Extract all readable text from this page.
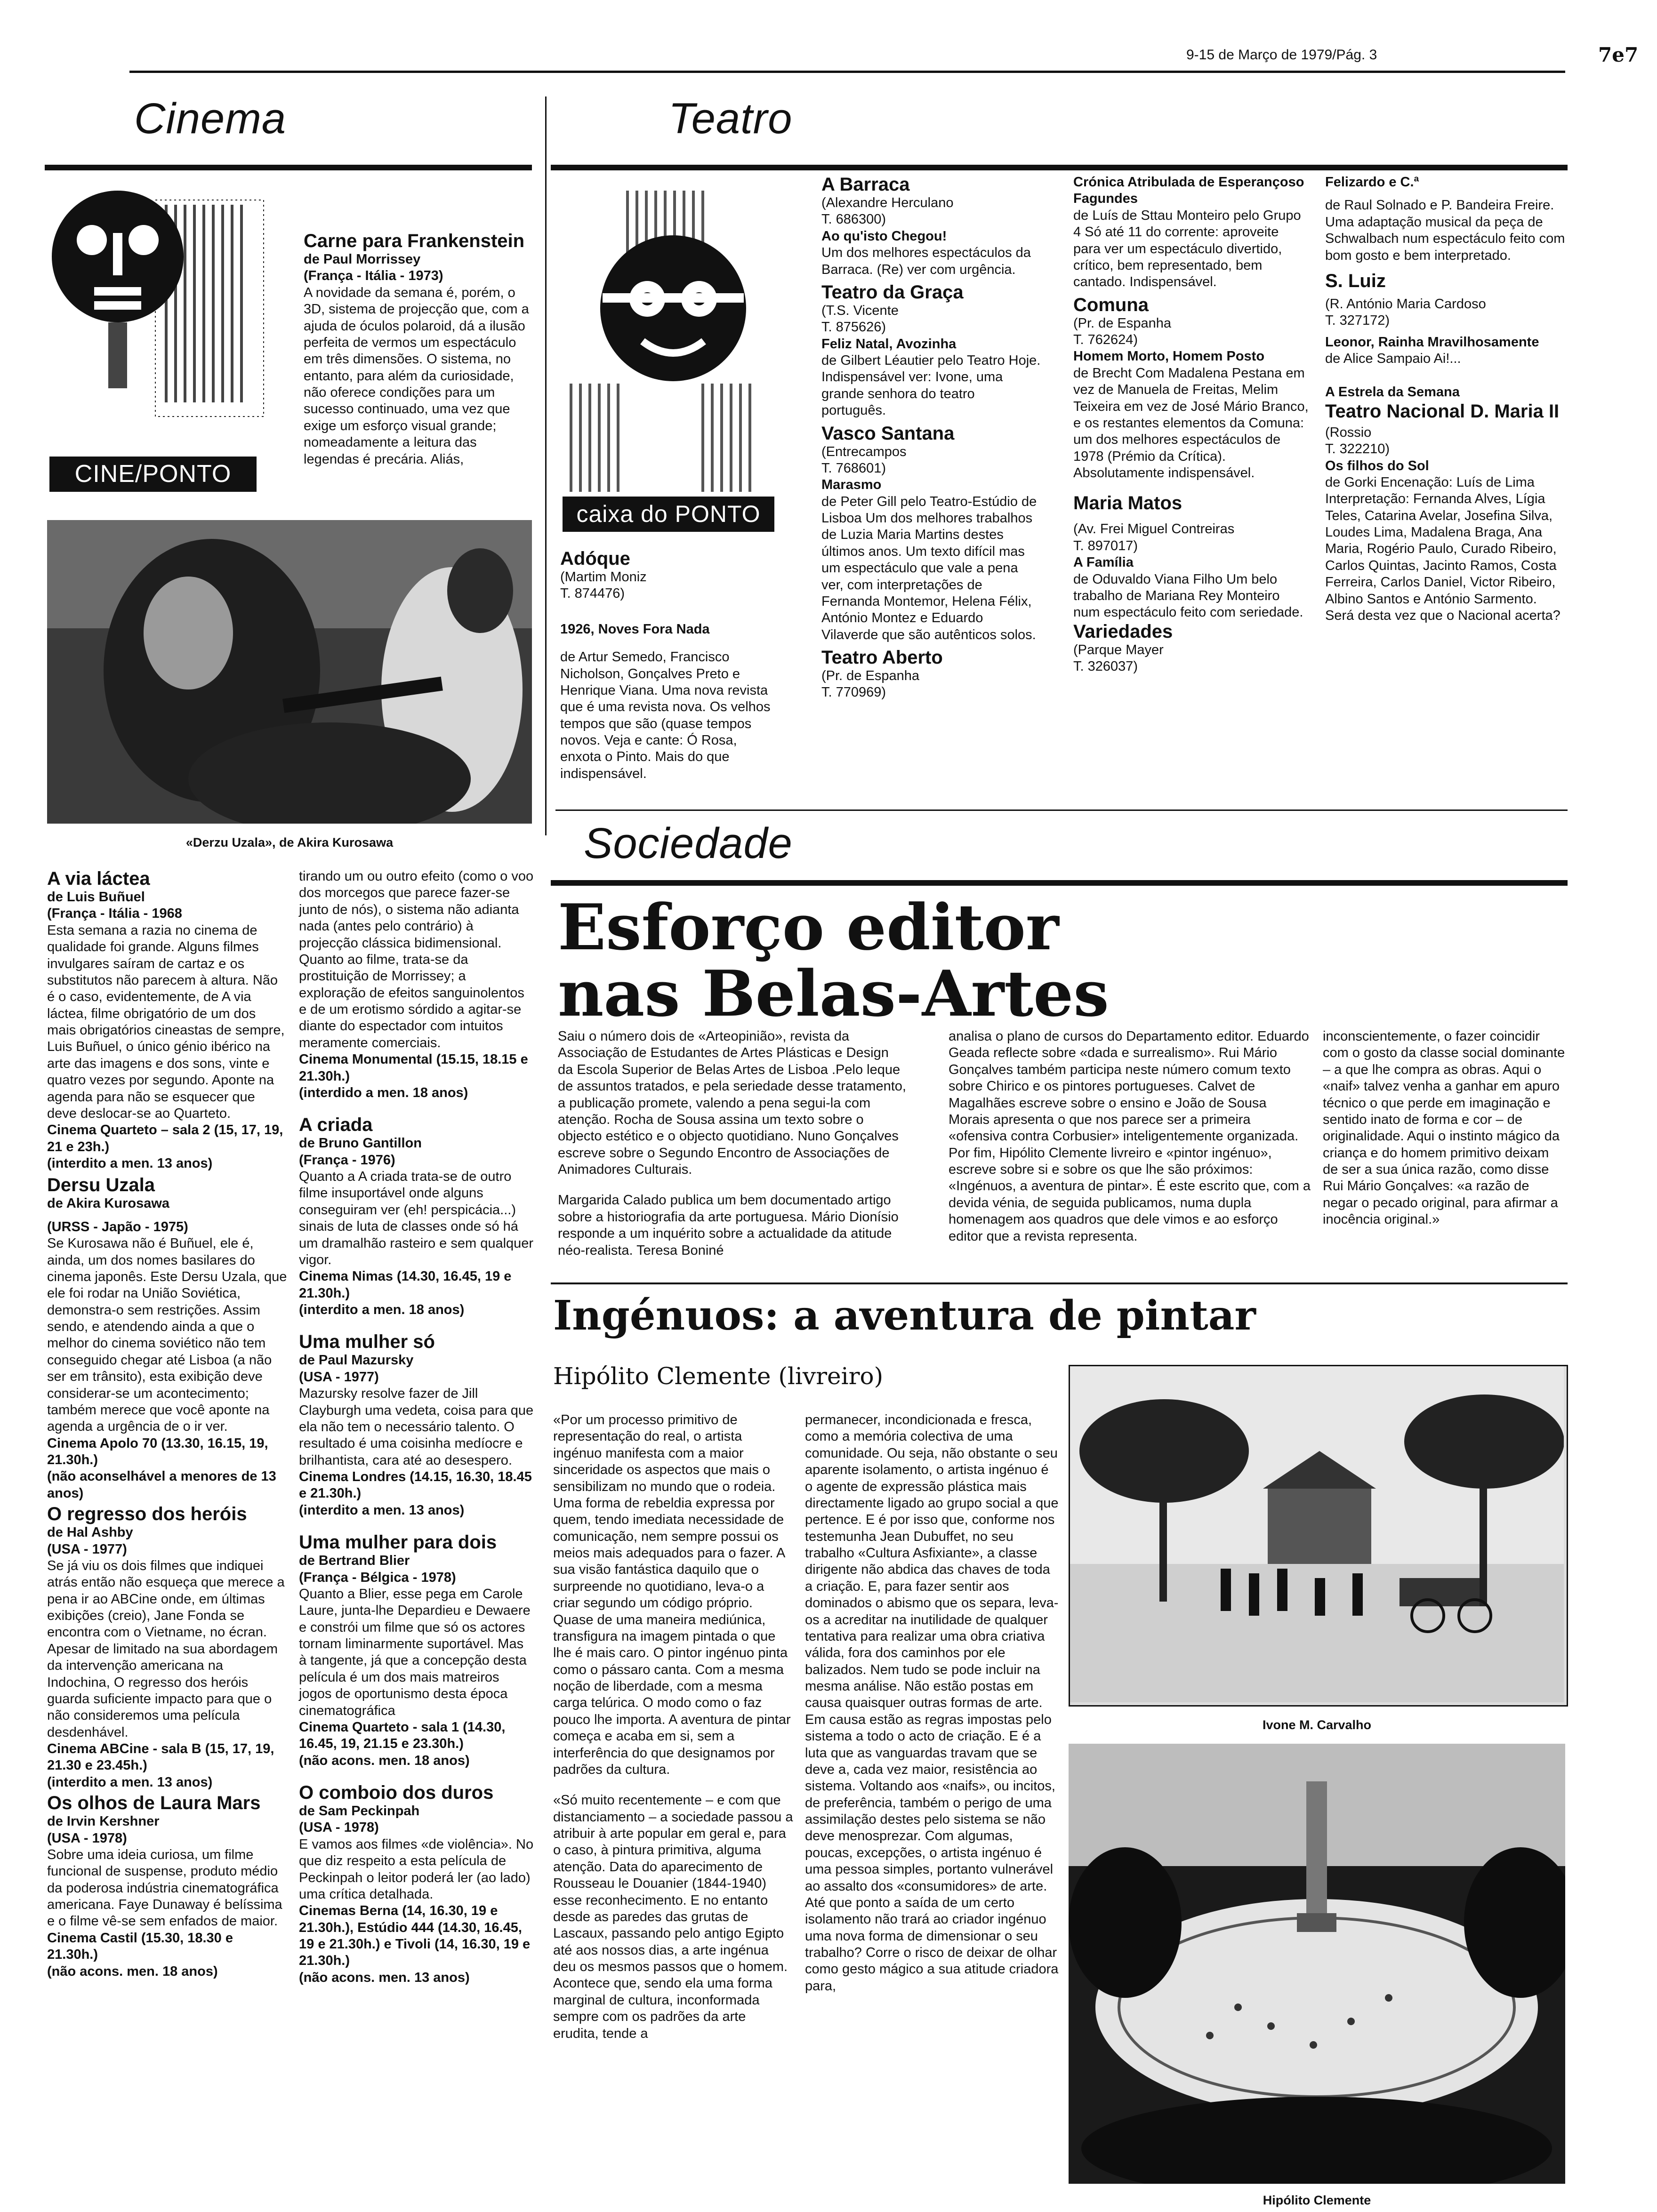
9-15 de Março de 1979/Pág. 3	7e7
Cinema	Teatro
CINE/PONTO
Carne para Frankenstein
de Paul Morrissey
(França - Itália - 1973)
A novidade da semana é, porém, o 3D, sistema de projecção que, com a ajuda de óculos polaroid, dá a ilusão perfeita de vermos um espectáculo em três dimensões. O sistema, no entanto, para além da curiosidade, não oferece condições para um sucesso continuado, uma vez que exige um esforço visual grande; nomeadamente a leitura das legendas é precária. Aliás,
«Derzu Uzala», de Akira Kurosawa
A via láctea
de Luis Buñuel
(França - Itália - 1968
Esta semana a razia no cinema de qualidade foi grande. Alguns filmes invulgares saíram de cartaz e os substitutos não parecem à altura. Não é o caso, evidentemente, de A via láctea, filme obrigatório de um dos mais obrigatórios cineastas de sempre, Luis Buñuel, o único génio ibérico na arte das imagens e dos sons, vinte e quatro vezes por segundo. Aponte na agenda para não se esquecer que deve deslocar-se ao Quarteto.
Cinema Quarteto – sala 2 (15, 17, 19, 21 e 23h.)
(interdito a men. 13 anos)
Dersu Uzala
de Akira Kurosawa
(URSS - Japão - 1975)
Se Kurosawa não é Buñuel, ele é, ainda, um dos nomes basilares do cinema japonês. Este Dersu Uzala, que ele foi rodar na União Soviética, demonstra-o sem restrições. Assim sendo, e atendendo ainda a que o melhor do cinema soviético não tem conseguido chegar até Lisboa (a não ser em trânsito), esta exibição deve considerar-se um acontecimento; também merece que você aponte na agenda a urgência de o ir ver.
Cinema Apolo 70 (13.30, 16.15, 19, 21.30h.)
(não aconselhável a menores de 13 anos)
O regresso dos heróis
de Hal Ashby
(USA - 1977)
Se já viu os dois filmes que indiquei atrás então não esqueça que merece a pena ir ao ABCine onde, em últimas exibições (creio), Jane Fonda se encontra com o Vietname, no écran. Apesar de limitado na sua abordagem da intervenção americana na Indochina, O regresso dos heróis guarda suficiente impacto para que o não consideremos uma película desdenhável.
Cinema ABCine - sala B (15, 17, 19, 21.30 e 23.45h.)
(interdito a men. 13 anos)
Os olhos de Laura Mars
de Irvin Kershner
(USA - 1978)
Sobre uma ideia curiosa, um filme funcional de suspense, produto médio da poderosa indústria cinematográfica americana. Faye Dunaway é belíssima e o filme vê-se sem enfados de maior.
Cinema Castil (15.30, 18.30 e 21.30h.)
(não acons. men. 18 anos)
tirando um ou outro efeito (como o voo dos morcegos que parece fazer-se junto de nós), o sistema não adianta nada (antes pelo contrário) à projecção clássica bidimensional. Quanto ao filme, trata-se da prostituição de Morrissey; a exploração de efeitos sanguinolentos e de um erotismo sórdido a agitar-se diante do espectador com intuitos meramente comerciais.
Cinema Monumental (15.15, 18.15 e 21.30h.)
(interdido a men. 18 anos)
A criada
de Bruno Gantillon
(França - 1976)
Quanto a A criada trata-se de outro filme insuportável onde alguns conseguiram ver (eh! perspicácia...) sinais de luta de classes onde só há um dramalhão rasteiro e sem qualquer vigor.
Cinema Nimas (14.30, 16.45, 19 e 21.30h.)
(interdito a men. 18 anos)
Uma mulher só
de Paul Mazursky
(USA - 1977)
Mazursky resolve fazer de Jill Clayburgh uma vedeta, coisa para que ela não tem o necessário talento. O resultado é uma coisinha medíocre e brilhantista, cara até ao desespero.
Cinema Londres (14.15, 16.30, 18.45 e 21.30h.)
(interdito a men. 13 anos)
Uma mulher para dois
de Bertrand Blier
(França - Bélgica - 1978)
Quanto a Blier, esse pega em Carole Laure, junta-lhe Depardieu e Dewaere e constrói um filme que só os actores tornam liminarmente suportável. Mas à tangente, já que a concepção desta película é um dos mais matreiros jogos de oportunismo desta época cinematográfica
Cinema Quarteto - sala 1 (14.30, 16.45, 19, 21.15 e 23.30h.)
(não acons. men. 18 anos)
O comboio dos duros
de Sam Peckinpah
(USA - 1978)
E vamos aos filmes «de violência». No que diz respeito a esta película de Peckinpah o leitor poderá ler (ao lado) uma crítica detalhada.
Cinemas Berna (14, 16.30, 19 e 21.30h.), Estúdio 444 (14.30, 16.45, 19 e 21.30h.) e Tivoli (14, 16.30, 19 e 21.30h.)
(não acons. men. 13 anos)
caixa do PONTO
Adóque
(Martim Moniz
T. 874476)
1926, Noves Fora Nada
de Artur Semedo, Francisco Nicholson, Gonçalves Preto e Henrique Viana. Uma nova revista que é uma revista nova. Os velhos tempos que são (quase tempos novos. Veja e cante: Ó Rosa, enxota o Pinto. Mais do que indispensável.
A Barraca
(Alexandre Herculano
T. 686300)
Ao qu'isto Chegou!
Um dos melhores espectáculos da Barraca. (Re) ver com urgência.
Teatro da Graça
(T.S. Vicente
T. 875626)
Feliz Natal, Avozinha
de Gilbert Léautier pelo Teatro Hoje. Indispensável ver: Ivone, uma grande senhora do teatro português.
Vasco Santana
(Entrecampos
T. 768601)
Marasmo
de Peter Gill pelo Teatro-Estúdio de Lisboa Um dos melhores trabalhos de Luzia Maria Martins destes últimos anos. Um texto difícil mas um espectáculo que vale a pena ver, com interpretações de Fernanda Montemor, Helena Félix, António Montez e Eduardo Vilaverde que são autênticos solos.
Teatro Aberto
(Pr. de Espanha
T. 770969)
Crónica Atribulada de Esperançoso Fagundes
de Luís de Sttau Monteiro pelo Grupo 4 Só até 11 do corrente: aproveite para ver um espectáculo divertido, crítico, bem representado, bem cantado. Indispensável.
Comuna
(Pr. de Espanha
T. 762624)
Homem Morto, Homem Posto
de Brecht Com Madalena Pestana em vez de Manuela de Freitas, Melim Teixeira em vez de José Mário Branco, e os restantes elementos da Comuna: um dos melhores espectáculos de 1978 (Prémio da Crítica). Absolutamente indispensável.
Maria Matos
(Av. Frei Miguel Contreiras
T. 897017)
A Família
de Oduvaldo Viana Filho Um belo trabalho de Mariana Rey Monteiro num espectáculo feito com seriedade.
Variedades
(Parque Mayer
T. 326037)
Felizardo e C.ª
de Raul Solnado e P. Bandeira Freire. Uma adaptação musical da peça de Schwalbach num espectáculo feito com bom gosto e bem interpretado.
S. Luiz
(R. António Maria Cardoso
T. 327172)
Leonor, Rainha Mravilhosamente
de Alice Sampaio Ai!...
A Estrela da Semana
Teatro Nacional D. Maria II
(Rossio
T. 322210)
Os filhos do Sol
de Gorki Encenação: Luís de Lima Interpretação: Fernanda Alves, Lígia Teles, Catarina Avelar, Josefina Silva, Loudes Lima, Madalena Braga, Ana Maria, Rogério Paulo, Curado Ribeiro, Carlos Quintas, Jacinto Ramos, Costa Ferreira, Carlos Daniel, Victor Ribeiro, Albino Santos e António Sarmento. Será desta vez que o Nacional acerta?
Sociedade
Esforço editor
nas Belas-Artes
Saiu o número dois de «Arteopinião», revista da Associação de Estudantes de Artes Plásticas e Design da Escola Superior de Belas Artes de Lisboa .Pelo leque de assuntos tratados, e pela seriedade desse tratamento, a publicação promete, valendo a pena segui-la com atenção. Rocha de Sousa assina um texto sobre o objecto estético e o objecto quotidiano. Nuno Gonçalves escreve sobre o Segundo Encontro de Associações de Animadores Culturais.
Margarida Calado publica um bem documentado artigo sobre a historiografia da arte portuguesa. Mário Dionísio responde a um inquérito sobre a actualidade da atitude néo-realista. Teresa Boniné
analisa o plano de cursos do Departamento editor. Eduardo Geada reflecte sobre «dada e surrealismo». Rui Mário Gonçalves também participa neste número comum texto sobre Chirico e os pintores portugueses. Calvet de Magalhães escreve sobre o ensino e João de Sousa Morais apresenta o que nos parece ser a primeira «ofensiva contra Corbusier» inteligentemente organizada. Por fim, Hipólito Clemente livreiro e «pintor ingénuo», escreve sobre si e sobre os que lhe são próximos: «Ingénuos, a aventura de pintar». É este escrito que, com a devida vénia, de seguida publicamos, numa dupla homenagem aos quadros que dele vimos e ao esforço editor que a revista representa.
inconscientemente, o fazer coincidir com o gosto da classe social dominante – a que lhe compra as obras. Aqui o «naif» talvez venha a ganhar em apuro técnico o que perde em imaginação e sentido inato de forma e cor – de originalidade. Aqui o instinto mágico da criança e do homem primitivo deixam de ser a sua única razão, como disse Rui Mário Gonçalves: «a razão de negar o pecado original, para afirmar a inocência original.»
Ingénuos: a aventura de pintar
Hipólito Clemente (livreiro)
«Por um processo primitivo de representação do real, o artista ingénuo manifesta com a maior sinceridade os aspectos que mais o sensibilizam no mundo que o rodeia. Uma forma de rebeldia expressa por quem, tendo imediata necessidade de comunicação, nem sempre possui os meios mais adequados para o fazer. A sua visão fantástica daquilo que o surpreende no quotidiano, leva-o a criar segundo um código próprio. Quase de uma maneira mediúnica, transfigura na imagem pintada o que lhe é mais caro. O pintor ingénuo pinta como o pássaro canta. Com a mesma noção de liberdade, com a mesma carga telúrica. O modo como o faz pouco lhe importa. A aventura de pintar começa e acaba em si, sem a interferência do que designamos por padrões da cultura.
«Só muito recentemente – e com que distanciamento – a sociedade passou a atribuir à arte popular em geral e, para o caso, à pintura primitiva, alguma atenção. Data do aparecimento de Rousseau le Douanier (1844-1940) esse reconhecimento. E no entanto desde as paredes das grutas de Lascaux, passando pelo antigo Egipto até aos nossos dias, a arte ingénua deu os mesmos passos que o homem. Acontece que, sendo ela uma forma marginal de cultura, inconformada sempre com os padrões da arte erudita, tende a
permanecer, incondicionada e fresca, como a memória colectiva de uma comunidade. Ou seja, não obstante o seu aparente isolamento, o artista ingénuo é o agente de expressão plástica mais directamente ligado ao grupo social a que pertence. E é por isso que, conforme nos testemunha Jean Dubuffet, no seu trabalho «Cultura Asfixiante», a classe dirigente não abdica das chaves de toda a criação. E, para fazer sentir aos dominados o abismo que os separa, leva-os a acreditar na inutilidade de qualquer tentativa para realizar uma obra criativa válida, fora dos caminhos por ele balizados. Nem tudo se pode incluir na mesma análise. Não estão postas em causa quaisquer outras formas de arte. Em causa estão as regras impostas pelo sistema a todo o acto de criação. E é a luta que as vanguardas travam que se deve a, cada vez maior, resistência ao sistema. Voltando aos «naifs», ou incitos, de preferência, também o perigo de uma assimilação destes pelo sistema se não deve menosprezar. Com algumas, poucas, excepções, o artista ingénuo é uma pessoa simples, portanto vulnerável ao assalto dos «consumidores» de arte. Até que ponto a saída de um certo isolamento não trará ao criador ingénuo uma nova forma de dimensionar o seu trabalho? Corre o risco de deixar de olhar como gesto mágico a sua atitude criadora para,
Ivone M. Carvalho
Hipólito Clemente
